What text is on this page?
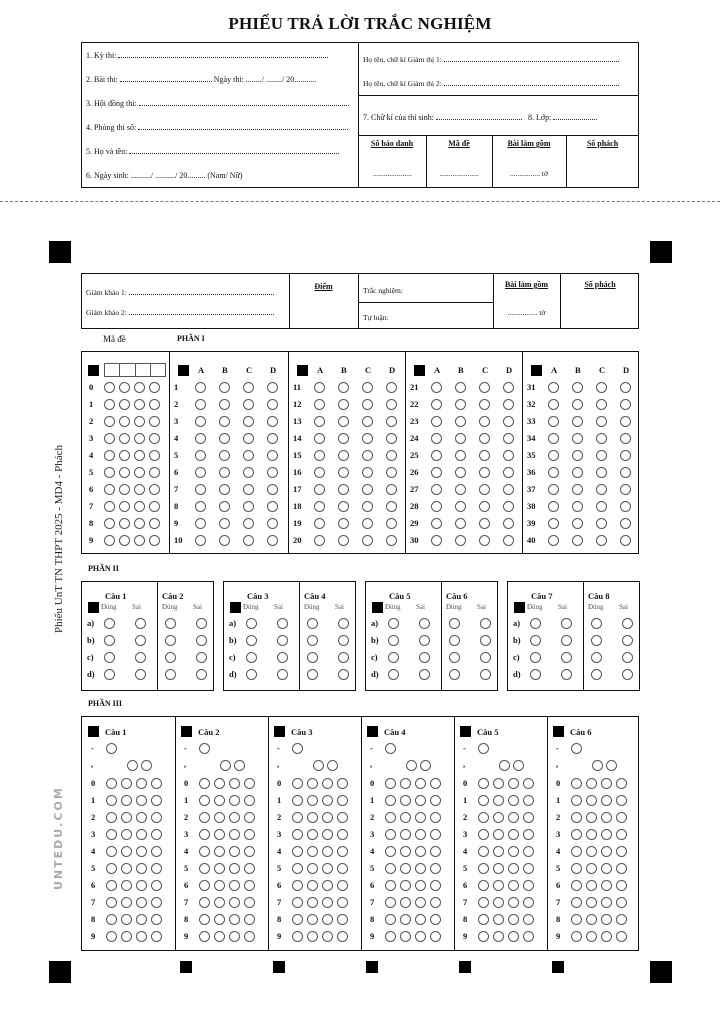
PHIẾU TRẢ LỜI TRẮC NGHIỆM
1. Kỳ thi:
2. Bài thi:	Ngày thi: ......../ ......../ 20...........
3. Hội đồng thi:
4. Phòng thi số:
5. Họ và tên:
6. Ngày sinh: ........../ ........../ 20......... (Nam/ Nữ)
Họ tên, chữ kí Giám thị 1:
Họ tên, chữ kí Giám thị 2:
7. Chữ kí của thí sinh:	8. Lớp:
Số báo danh
.....................
Mã đề
.....................
Bài làm gồm
................ tờ
Số phách
Giám khảo 1:
Giám khảo 2:
Điểm	Trắc nghiệm:
Tự luận:
Bài làm gồm
................ tờ
Số phách
Phiếu UnT TN THPT 2025 - MD4 - Phách
UNTEDU.COM
Mã đề	PHẦN I
0
1
2
3
4
5
6
7
8
9
A B C D
1
2
3
4
5
6
7
8
9
10
A B C D
11
12
13
14
15
16
17
18
19
20
A B C D
21
22
23
24
25
26
27
28
29
30
A B C D
31
32
33
34
35
36
37
38
39
40
PHẦN II
Câu 1	Câu 2
Đúng Sai	Đúng Sai
a)
b)
c)
d)
Câu 3	Câu 4
Đúng Sai	Đúng Sai
a)
b)
c)
d)
Câu 5	Câu 6
Đúng Sai	Đúng Sai
a)
b)
c)
d)
Câu 7	Câu 8
Đúng Sai	Đúng Sai
a)
b)
c)
d)
PHẦN III
Câu 1
-
,
0
1
2
3
4
5
6
7
8
9
Câu 2
-
,
0
1
2
3
4
5
6
7
8
9
Câu 3
-
,
0
1
2
3
4
5
6
7
8
9
Câu 4
-
,
0
1
2
3
4
5
6
7
8
9
Câu 5
-
,
0
1
2
3
4
5
6
7
8
9
Câu 6
-
,
0
1
2
3
4
5
6
7
8
9
